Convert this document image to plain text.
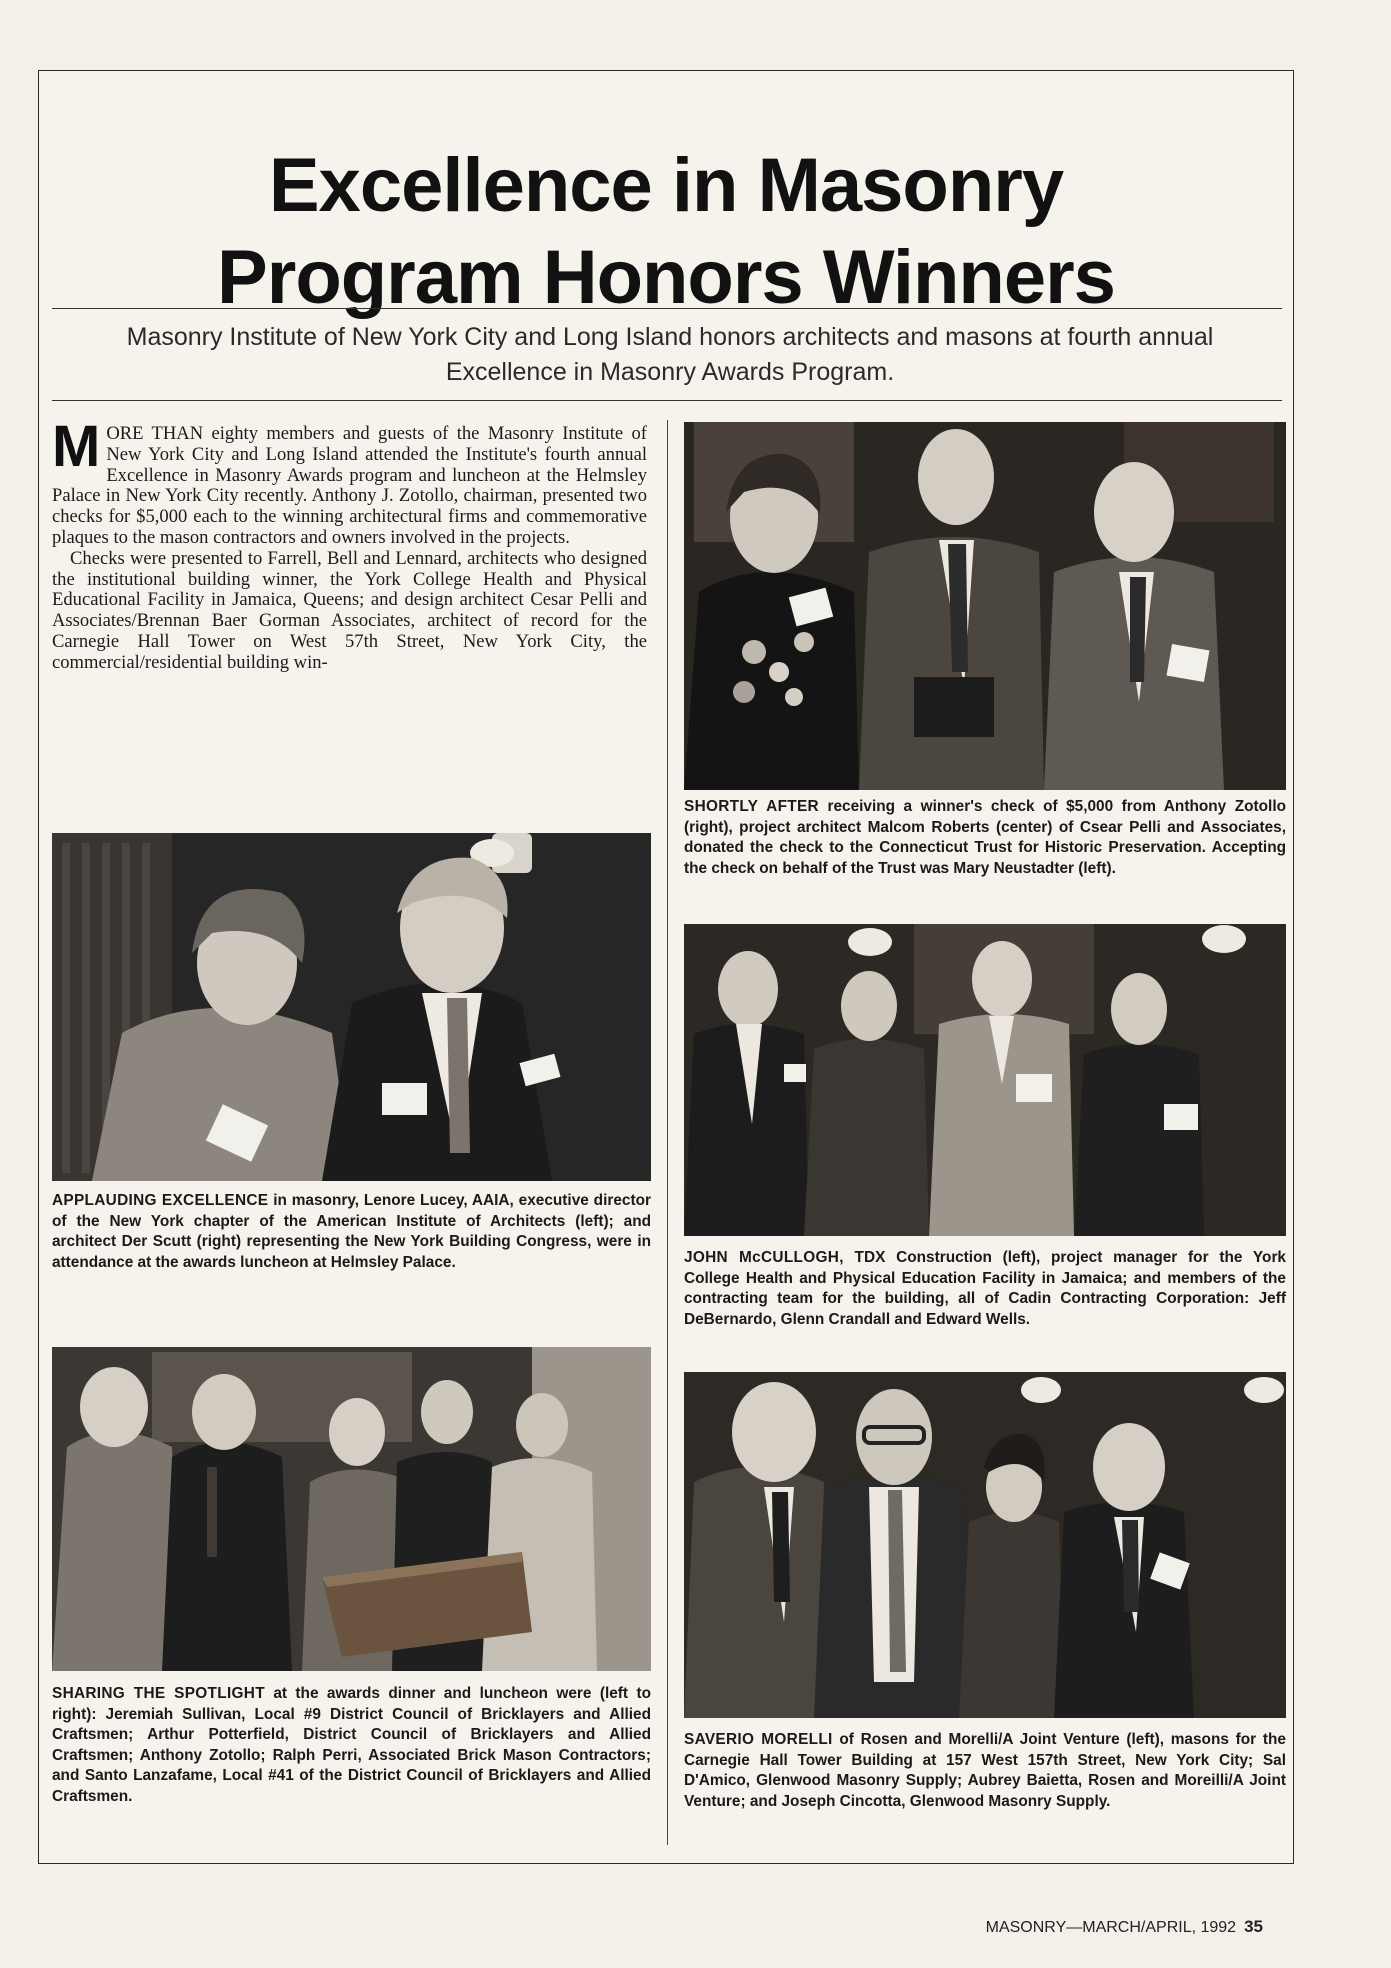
Excellence in Masonry
Program Honors Winners
Masonry Institute of New York City and Long Island honors architects and masons at fourth annual Excellence in Masonry Awards Program.

MORE THAN eighty members and guests of the Masonry Institute of New York City and Long Island attended the Institute's fourth annual Excellence in Masonry Awards program and luncheon at the Helmsley Palace in New York City recently. Anthony J. Zotollo, chairman, presented two checks for $5,000 each to the winning architectural firms and commemorative plaques to the mason contractors and owners involved in the projects.

Checks were presented to Farrell, Bell and Lennard, architects who designed the institutional building winner, the York College Health and Physical Educational Facility in Jamaica, Queens; and design architect Cesar Pelli and Associates/Brennan Baer Gorman Associates, architect of record for the Carnegie Hall Tower on West 57th Street, New York City, the commercial/residential building win-

APPLAUDING EXCELLENCE in masonry, Lenore Lucey, AAIA, executive director of the New York chapter of the American Institute of Architects (left); and architect Der Scutt (right) representing the New York Building Congress, were in attendance at the awards luncheon at Helmsley Palace.
SHARING THE SPOTLIGHT at the awards dinner and luncheon were (left to right): Jeremiah Sullivan, Local #9 District Council of Bricklayers and Allied Craftsmen; Arthur Potterfield, District Council of Bricklayers and Allied Craftsmen; Anthony Zotollo; Ralph Perri, Associated Brick Mason Contractors; and Santo Lanzafame, Local #41 of the District Council of Bricklayers and Allied Craftsmen.
SHORTLY AFTER receiving a winner's check of $5,000 from Anthony Zotollo (right), project architect Malcom Roberts (center) of Csear Pelli and Associates, donated the check to the Connecticut Trust for Historic Preservation. Accepting the check on behalf of the Trust was Mary Neustadter (left).
JOHN McCULLOGH, TDX Construction (left), project manager for the York College Health and Physical Education Facility in Jamaica; and members of the contracting team for the building, all of Cadin Contracting Corporation: Jeff DeBernardo, Glenn Crandall and Edward Wells.
SAVERIO MORELLI of Rosen and Morelli/A Joint Venture (left), masons for the Carnegie Hall Tower Building at 157 West 157th Street, New York City; Sal D'Amico, Glenwood Masonry Supply; Aubrey Baietta, Rosen and Moreilli/A Joint Venture; and Joseph Cincotta, Glenwood Masonry Supply.
MASONRY—MARCH/APRIL, 1992 35
